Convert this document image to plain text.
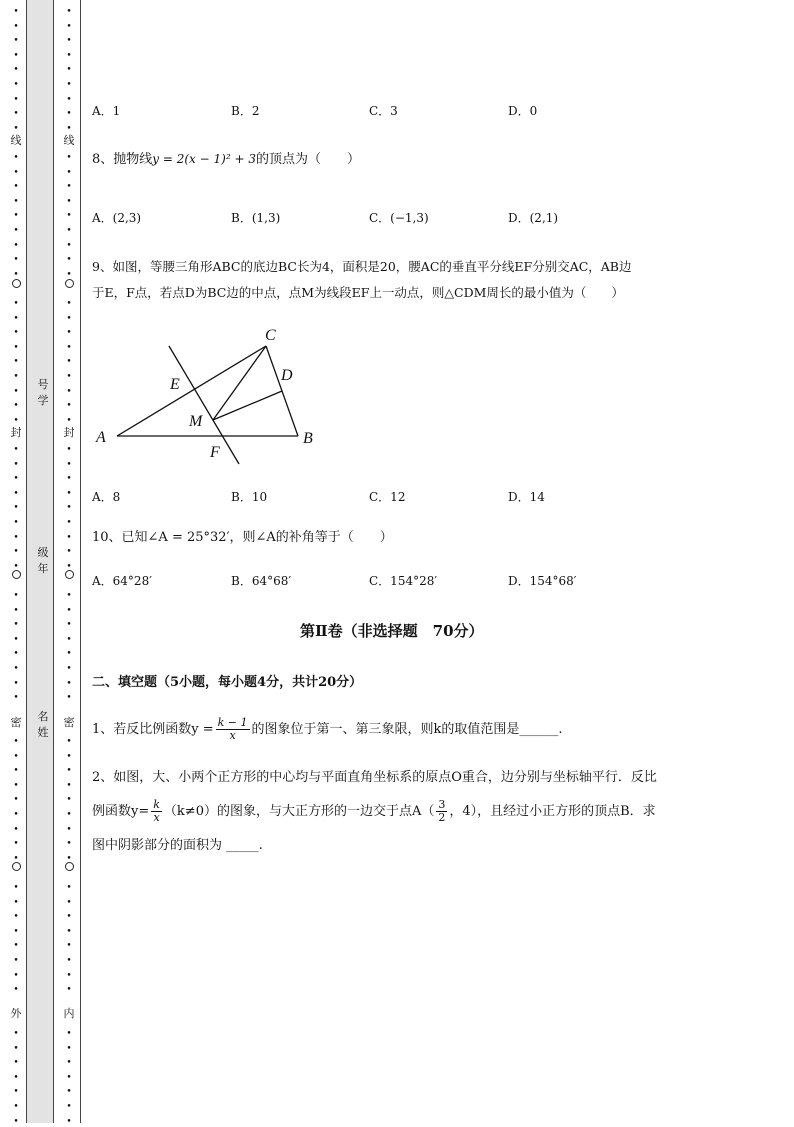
•
•
•
•
•
•
•
•
•
•
•
•
•
•
•
•
•
•
•
•
•
•
•
•
•
•
•
•
•
•
•
•
•
•
•
•
•
•
•
•
•
•
•
•
•
•
•
•
•
•
•
•
•
•
•
•
•
•
•
•
•
•
•
•
•
•
•
•
•
•
•
•
•
•
•
•
•
•
•
•
•
•
•
•
•
•
•
•
•
•
•
•
•
•
•
•
•
•
•
•
•
•
•
•
•
•
•
•
•
•
•
•
•
•
•
•
•
•
•
•
•
•
•
•
•
•
•
•
•
•
•
•
•
•
•
•
线
封
密
外
线
封
密
内
号
学
级
年
名
姓
A．1	B．2	C．3	D．0
8、抛物线y = 2(x − 1)² + 3的顶点为（　　）
A．(2,3)	B．(1,3)	C．(−1,3)	D．(2,1)
9、如图，等腰三角形ABC的底边BC长为4，面积是20，腰AC的垂直平分线EF分别交AC，AB边
于E，F点，若点D为BC边的中点，点M为线段EF上一动点，则△CDM周长的最小值为（　　）
C
D
E
M
A	B
F
A．8	B．10	C．12	D．14
10、已知∠A = 25°32′，则∠A的补角等于（　　）
A．64°28′	B．64°68′	C．154°28′	D．154°68′
第Ⅱ卷（非选择题　70分）
二、填空题（5小题，每小题4分，共计20分）
1、若反比例函数$y = \frac{k - 1}{x}$ 的图象位于第一、第三象限，则k的取值范围是______.
2、如图，大、小两个正方形的中心均与平面直角坐标系的原点O重合，边分别与坐标轴平行．反比
例函数$y= \frac{k}{x} (k\ne 0)$的图象，与大正方形的一边交于点$A( \frac{3}{2}$ ，4），且经过小正方形的顶点B．求
图中阴影部分的面积为 _____.
